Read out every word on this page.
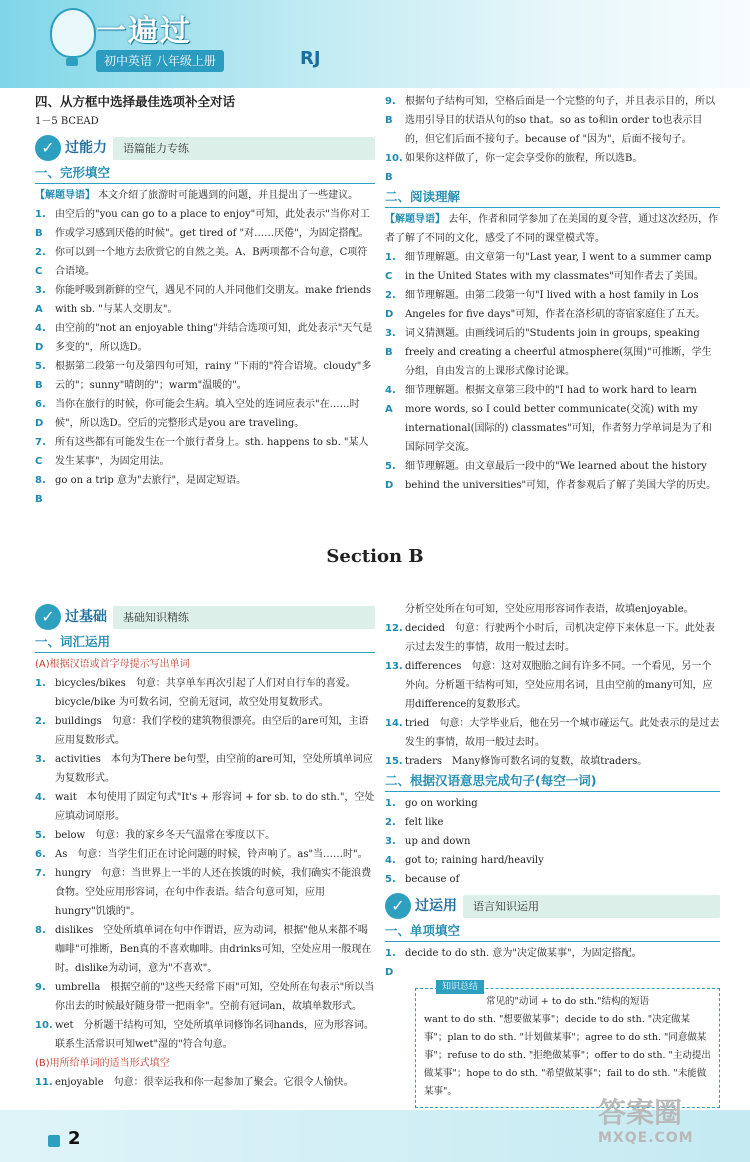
一遍过
初中英语 八年级上册	RJ
四、从方框中选择最佳选项补全对话
1－5 BCEAD
✓ 过能力	语篇能力专练
一、完形填空
【解题导语】 本文介绍了旅游时可能遇到的问题，并且提出了一些建议。
1. B
由空后的"you can go to a place to enjoy"可知，此处表示"当你对工作或学习感到厌倦的时候"。get tired of "对……厌倦"，为固定搭配。
2. C
你可以到一个地方去欣赏它的自然之美。A、B两项都不合句意，C项符合语境。
3. A
你能呼吸到新鲜的空气，遇见不同的人并同他们交朋友。make friends with sb. "与某人交朋友"。
4. D
由空前的"not an enjoyable thing"并结合选项可知，此处表示"天气是多变的"，所以选D。
5. B
根据第二段第一句及第四句可知，rainy "下雨的"符合语境。cloudy"多云的"；sunny"晴朗的"；warm"温暖的"。
6. D
当你在旅行的时候，你可能会生病。填入空处的连词应表示"在……时候"，所以选D。空后的完整形式是you are traveling。
7. C
所有这些都有可能发生在一个旅行者身上。sth. happens to sb. "某人发生某事"，为固定用法。
8. B
go on a trip 意为"去旅行"，是固定短语。
9. B
根据句子结构可知，空格后面是一个完整的句子，并且表示目的，所以选用引导目的状语从句的so that。so as to和in order to也表示目的，但它们后面不接句子。because of "因为"，后面不接句子。
10. B
如果你这样做了，你一定会享受你的旅程，所以选B。
二、阅读理解
【解题导语】 去年，作者和同学参加了在美国的夏令营，通过这次经历，作者了解了不同的文化，感受了不同的课堂模式等。
1. C
细节理解题。由文章第一句"Last year, I went to a summer camp in the United States with my classmates"可知作者去了美国。
2. D
细节理解题。由第二段第一句"I lived with a host family in Los Angeles for five days"可知，作者在洛杉矶的寄宿家庭住了五天。
3. B
词义猜测题。由画线词后的"Students join in groups, speaking freely and creating a cheerful atmosphere(氛围)"可推断，学生分组，自由发言的上课形式像讨论课。
4. A
细节理解题。根据文章第三段中的"I had to work hard to learn more words, so I could better communicate(交流) with my international(国际的) classmates"可知，作者努力学单词是为了和国际同学交流。
5. D
细节理解题。由文章最后一段中的"We learned about the history behind the universities"可知，作者参观后了解了美国大学的历史。
Section B
✓ 过基础	基础知识精练
一、词汇运用
(A)根据汉语或首字母提示写出单词
1. bicycles/bikes　句意：共享单车再次引起了人们对自行车的喜爱。bicycle/bike 为可数名词，空前无冠词，故空处用复数形式。
2. buildings　句意：我们学校的建筑物很漂亮。由空后的are可知，主语应用复数形式。
3. activities　本句为There be句型，由空前的are可知，空处所填单词应为复数形式。
4. wait　本句使用了固定句式"It's + 形容词 + for sb. to do sth."，空处应填动词原形。
5. below　句意：我的家乡冬天气温常在零度以下。
6. As　句意：当学生们正在讨论问题的时候，铃声响了。as"当……时"。
7. hungry　句意：当世界上一半的人还在挨饿的时候，我们确实不能浪费食物。空处应用形容词，在句中作表语。结合句意可知，应用hungry"饥饿的"。
8. dislikes　空处所填单词在句中作谓语，应为动词，根据"他从来都不喝咖啡"可推断，Ben真的不喜欢咖啡。由drinks可知，空处应用一般现在时。dislike为动词，意为"不喜欢"。
9. umbrella　根据空前的"这些天经常下雨"可知，空处所在句表示"所以当你出去的时候最好随身带一把雨伞"。空前有冠词an，故填单数形式。
10. wet　分析题干结构可知，空处所填单词修饰名词hands，应为形容词。联系生活常识可知wet"湿的"符合句意。
(B)用所给单词的适当形式填空
11. enjoyable　句意：很幸运我和你一起参加了聚会。它很令人愉快。
分析空处所在句可知，空处应用形容词作表语，故填enjoyable。
12. decided　句意：行驶两个小时后，司机决定停下来休息一下。此处表示过去发生的事情，故用一般过去时。
13. differences　句意：这对双胞胎之间有许多不同。一个看见，另一个外向。分析题干结构可知，空处应用名词，且由空前的many可知，应用difference的复数形式。
14. tried　句意：大学毕业后，他在另一个城市碰运气。此处表示的是过去发生的事情，故用一般过去时。
15. traders　Many修饰可数名词的复数，故填traders。
二、根据汉语意思完成句子(每空一词)
1. go on working
2. felt like
3. up and down
4. got to; raining hard/heavily
5. because of
✓ 过运用	语言知识运用
一、单项填空
1. D
decide to do sth. 意为"决定做某事"，为固定搭配。
知识总结
常见的"动词 + to do sth."结构的短语
want to do sth. "想要做某事"；decide to do sth. "决定做某事"；plan to do sth. "计划做某事"；agree to do sth. "同意做某事"；refuse to do sth. "拒绝做某事"；offer to do sth. "主动提出做某事"；hope to do sth. "希望做某事"；fail to do sth. "未能做某事"。
2
答案圈
MXQE.COM
